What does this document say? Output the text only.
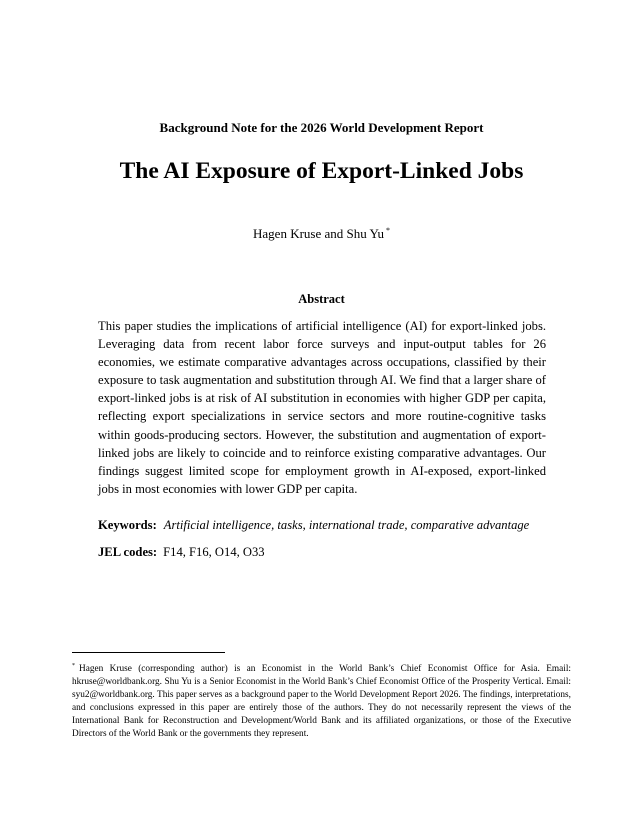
Background Note for the 2026 World Development Report
The AI Exposure of Export-Linked Jobs
Hagen Kruse and Shu Yu *
Abstract
This paper studies the implications of artificial intelligence (AI) for export-linked jobs. Leveraging data from recent labor force surveys and input-output tables for 26 economies, we estimate comparative advantages across occupations, classified by their exposure to task augmentation and substitution through AI. We find that a larger share of export-linked jobs is at risk of AI substitution in economies with higher GDP per capita, reflecting export specializations in service sectors and more routine-cognitive tasks within goods-producing sectors. However, the substitution and augmentation of export-linked jobs are likely to coincide and to reinforce existing comparative advantages. Our findings suggest limited scope for employment growth in AI-exposed, export-linked jobs in most economies with lower GDP per capita.
Keywords: Artificial intelligence, tasks, international trade, comparative advantage
JEL codes: F14, F16, O14, O33
* Hagen Kruse (corresponding author) is an Economist in the World Bank’s Chief Economist Office for Asia. Email: hkruse@worldbank.org. Shu Yu is a Senior Economist in the World Bank’s Chief Economist Office of the Prosperity Vertical. Email: syu2@worldbank.org. This paper serves as a background paper to the World Development Report 2026. The findings, interpretations, and conclusions expressed in this paper are entirely those of the authors. They do not necessarily represent the views of the International Bank for Reconstruction and Development/World Bank and its affiliated organizations, or those of the Executive Directors of the World Bank or the governments they represent.
